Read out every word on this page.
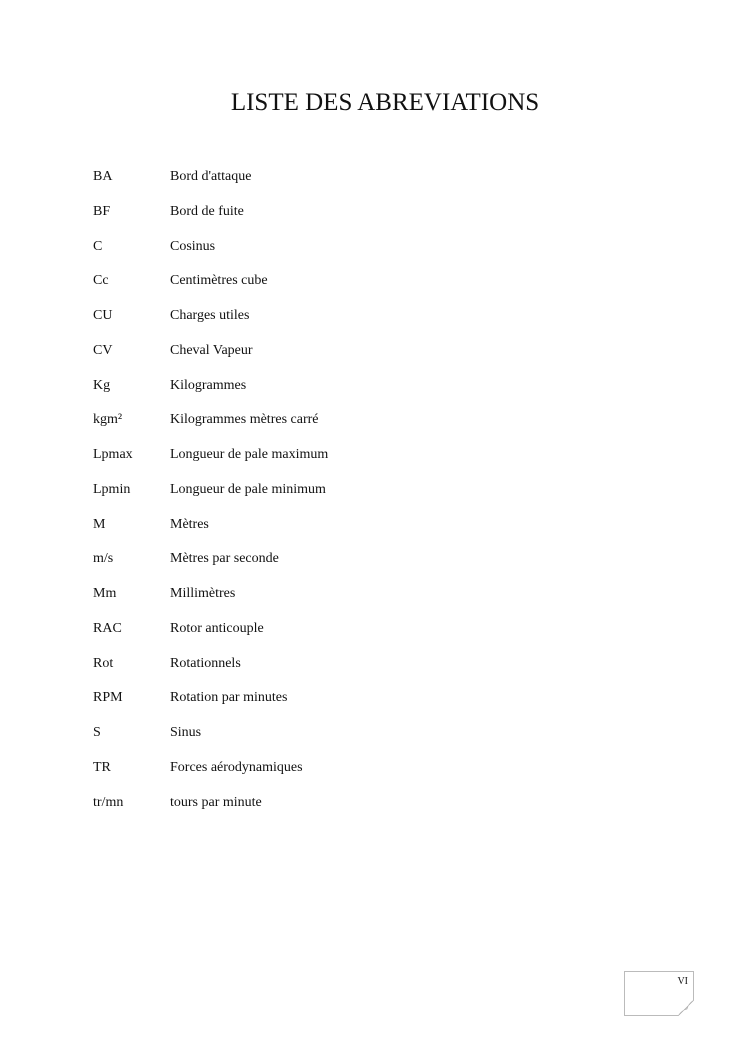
LISTE DES ABREVIATIONS
BA	Bord d'attaque
BF	Bord de fuite
C	Cosinus
Cc	Centimètres cube
CU	Charges utiles
CV	Cheval Vapeur
Kg	Kilogrammes
kgm²	Kilogrammes mètres carré
Lpmax	Longueur de pale maximum
Lpmin	Longueur de pale minimum
M	Mètres
m/s	Mètres par seconde
Mm	Millimètres
RAC	Rotor anticouple
Rot	Rotationnels
RPM	Rotation par minutes
S	Sinus
TR	Forces aérodynamiques
tr/mn	tours par minute
VI
